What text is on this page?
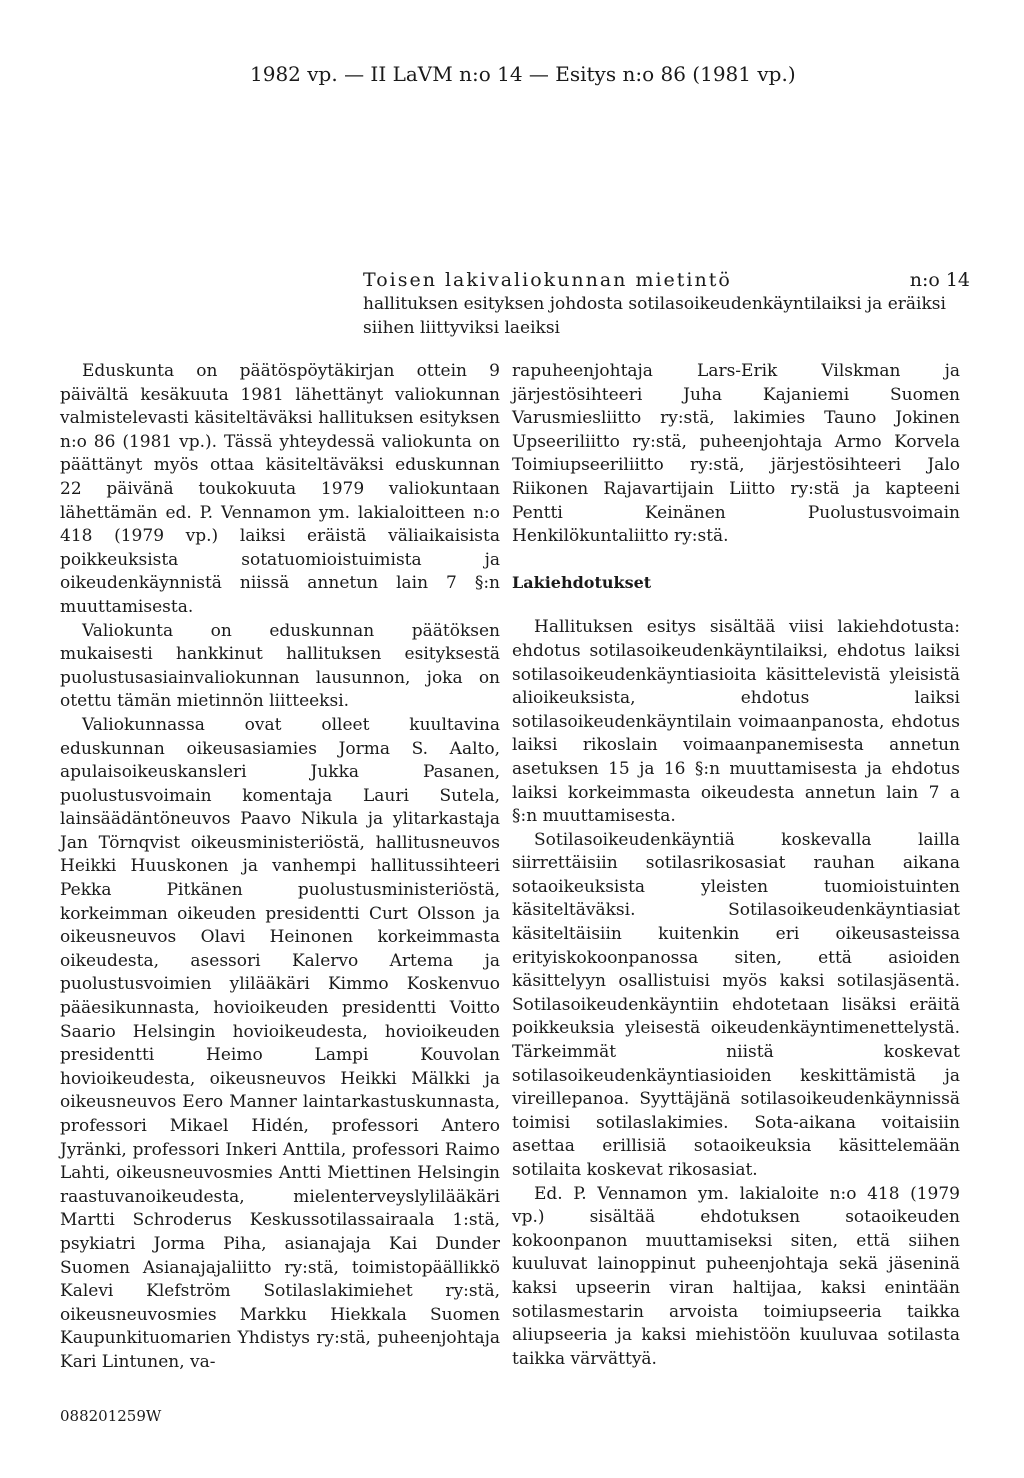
1982 vp. — II LaVM n:o 14 — Esitys n:o 86 (1981 vp.)
Toisen lakivaliokunnan mietintö	n:o 14
hallituksen esityksen johdosta sotilasoikeudenkäyntilaiksi ja eräiksi siihen liittyviksi laeiksi

Eduskunta on päätöspöytäkirjan ottein 9 päivältä kesäkuuta 1981 lähettänyt valiokunnan valmistelevasti käsiteltäväksi hallituksen esityksen n:o 86 (1981 vp.). Tässä yhteydessä valiokunta on päättänyt myös ottaa käsiteltäväksi eduskunnan 22 päivänä toukokuuta 1979 valiokuntaan lähettämän ed. P. Vennamon ym. lakialoitteen n:o 418 (1979 vp.) laiksi eräistä väliaikaisista poikkeuksista sotatuomioistuimista ja oikeudenkäynnistä niissä annetun lain 7 §:n muuttamisesta.

Valiokunta on eduskunnan päätöksen mukaisesti hankkinut hallituksen esityksestä puolustusasiainvaliokunnan lausunnon, joka on otettu tämän mietinnön liitteeksi.

Valiokunnassa ovat olleet kuultavina eduskunnan oikeusasiamies Jorma S. Aalto, apulaisoikeuskansleri Jukka Pasanen, puolustusvoimain komentaja Lauri Sutela, lainsäädäntöneuvos Paavo Nikula ja ylitarkastaja Jan Törnqvist oikeusministeriöstä, hallitusneuvos Heikki Huuskonen ja vanhempi hallitussihteeri Pekka Pitkänen puolustusministeriöstä, korkeimman oikeuden presidentti Curt Olsson ja oikeusneuvos Olavi Heinonen korkeimmasta oikeudesta, asessori Kalervo Artema ja puolustusvoimien ylilääkäri Kimmo Koskenvuo pääesikunnasta, hovioikeuden presidentti Voitto Saario Helsingin hovioikeudesta, hovioikeuden presidentti Heimo Lampi Kouvolan hovioikeudesta, oikeusneuvos Heikki Mälkki ja oikeusneuvos Eero Manner laintarkastuskunnasta, professori Mikael Hidén, professori Antero Jyränki, professori Inkeri Anttila, professori Raimo Lahti, oikeusneuvosmies Antti Miettinen Helsingin raastuvanoikeudesta, mielenterveyslylilääkäri Martti Schroderus Keskussotilassairaala 1:stä, psykiatri Jorma Piha, asianajaja Kai Dunder Suomen Asianajajaliitto ry:stä, toimistopäällikkö Kalevi Klefström Sotilaslakimiehet ry:stä, oikeusneuvosmies Markku Hiekkala Suomen Kaupunkituomarien Yhdistys ry:stä, puheenjohtaja Kari Lintunen, va-

rapuheenjohtaja Lars-Erik Vilskman ja järjestösihteeri Juha Kajaniemi Suomen Varusmiesliitto ry:stä, lakimies Tauno Jokinen Upseeriliitto ry:stä, puheenjohtaja Armo Korvela Toimiupseeriliitto ry:stä, järjestösihteeri Jalo Riikonen Rajavartijain Liitto ry:stä ja kapteeni Pentti Keinänen Puolustusvoimain Henkilökuntaliitto ry:stä.

Lakiehdotukset

Hallituksen esitys sisältää viisi lakiehdotusta: ehdotus sotilasoikeudenkäyntilaiksi, ehdotus laiksi sotilasoikeudenkäyntiasioita käsittelevistä yleisistä alioikeuksista, ehdotus laiksi sotilasoikeudenkäyntilain voimaanpanosta, ehdotus laiksi rikoslain voimaanpanemisesta annetun asetuksen 15 ja 16 §:n muuttamisesta ja ehdotus laiksi korkeimmasta oikeudesta annetun lain 7 a §:n muuttamisesta.

Sotilasoikeudenkäyntiä koskevalla lailla siirrettäisiin sotilasrikosasiat rauhan aikana sotaoikeuksista yleisten tuomioistuinten käsiteltäväksi. Sotilasoikeudenkäyntiasiat käsiteltäisiin kuitenkin eri oikeusasteissa erityiskokoonpanossa siten, että asioiden käsittelyyn osallistuisi myös kaksi sotilasjäsentä. Sotilasoikeudenkäyntiin ehdotetaan lisäksi eräitä poikkeuksia yleisestä oikeudenkäyntimenettelystä. Tärkeimmät niistä koskevat sotilasoikeudenkäyntiasioiden keskittämistä ja vireillepanoa. Syyttäjänä sotilasoikeudenkäynnissä toimisi sotilaslakimies. Sota-aikana voitaisiin asettaa erillisiä sotaoikeuksia käsittelemään sotilaita koskevat rikosasiat.

Ed. P. Vennamon ym. lakialoite n:o 418 (1979 vp.) sisältää ehdotuksen sotaoikeuden kokoonpanon muuttamiseksi siten, että siihen kuuluvat lainoppinut puheenjohtaja sekä jäseninä kaksi upseerin viran haltijaa, kaksi enintään sotilasmestarin arvoista toimiupseeria taikka aliupseeria ja kaksi miehistöön kuuluvaa sotilasta taikka värvättyä.

088201259W
